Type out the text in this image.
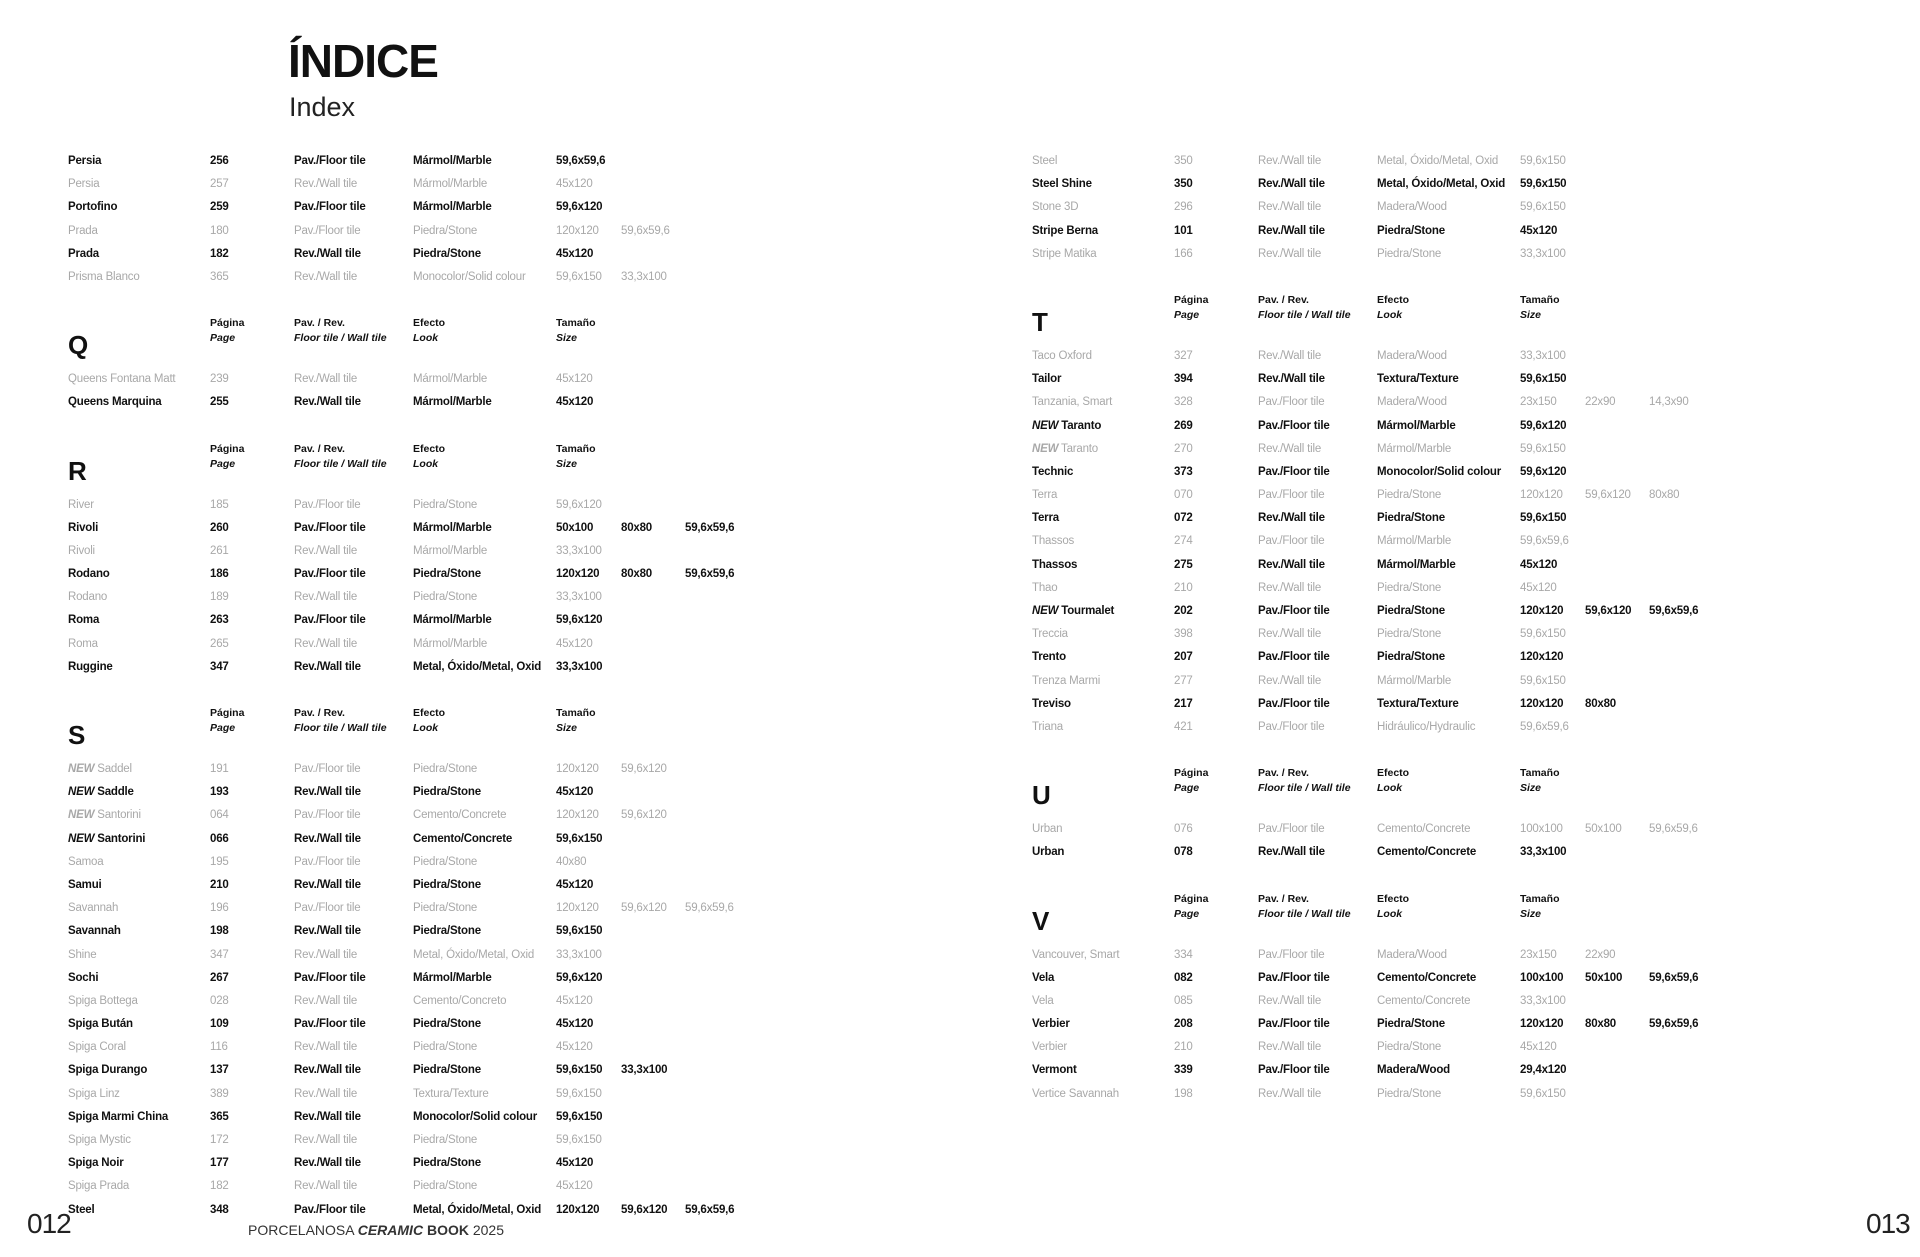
ÍNDICE
Index
Persia	256	Pav./Floor tile	Mármol/Marble	59,6x59,6
Persia	257	Rev./Wall tile	Mármol/Marble	45x120
Portofino	259	Pav./Floor tile	Mármol/Marble	59,6x120
Prada	180	Pav./Floor tile	Piedra/Stone	120x120 59,6x59,6
Prada	182	Rev./Wall tile	Piedra/Stone	45x120
Prisma Blanco	365	Rev./Wall tile	Monocolor/Solid colour	59,6x150 33,3x100
Q
Página
Page
Pav. / Rev.
Floor tile / Wall tile
Efecto
Look
Tamaño
Size
Queens Fontana Matt	239	Rev./Wall tile	Mármol/Marble	45x120
Queens Marquina	255	Rev./Wall tile	Mármol/Marble	45x120
R
Página
Page
Pav. / Rev.
Floor tile / Wall tile
Efecto
Look
Tamaño
Size
River	185	Pav./Floor tile	Piedra/Stone	59,6x120
Rivoli	260	Pav./Floor tile	Mármol/Marble	50x100 80x80	59,6x59,6
Rivoli	261	Rev./Wall tile	Mármol/Marble	33,3x100
Rodano	186	Pav./Floor tile	Piedra/Stone	120x120 80x80	59,6x59,6
Rodano	189	Rev./Wall tile	Piedra/Stone	33,3x100
Roma	263	Pav./Floor tile	Mármol/Marble	59,6x120
Roma	265	Rev./Wall tile	Mármol/Marble	45x120
Ruggine	347	Rev./Wall tile	Metal, Óxido/Metal, Oxid 33,3x100
S
Página
Page
Pav. / Rev.
Floor tile / Wall tile
Efecto
Look
Tamaño
Size
NEW Saddel	191	Pav./Floor tile	Piedra/Stone	120x120 59,6x120
NEW Saddle	193	Rev./Wall tile	Piedra/Stone	45x120
NEW Santorini	064	Pav./Floor tile	Cemento/Concrete	120x120 59,6x120
NEW Santorini	066	Rev./Wall tile	Cemento/Concrete	59,6x150
Samoa	195	Pav./Floor tile	Piedra/Stone	40x80
Samui	210	Rev./Wall tile	Piedra/Stone	45x120
Savannah	196	Pav./Floor tile	Piedra/Stone	120x120 59,6x120 59,6x59,6
Savannah	198	Rev./Wall tile	Piedra/Stone	59,6x150
Shine	347	Rev./Wall tile	Metal, Óxido/Metal, Oxid 33,3x100
Sochi	267	Pav./Floor tile	Mármol/Marble	59,6x120
Spiga Bottega	028	Rev./Wall tile	Cemento/Concreto	45x120
Spiga Bután	109	Pav./Floor tile	Piedra/Stone	45x120
Spiga Coral	116	Rev./Wall tile	Piedra/Stone	45x120
Spiga Durango	137	Rev./Wall tile	Piedra/Stone	59,6x150 33,3x100
Spiga Linz	389	Rev./Wall tile	Textura/Texture	59,6x150
Spiga Marmi China	365	Rev./Wall tile	Monocolor/Solid colour 59,6x150
Spiga Mystic	172	Rev./Wall tile	Piedra/Stone	59,6x150
Spiga Noir	177	Rev./Wall tile	Piedra/Stone	45x120
Spiga Prada	182	Rev./Wall tile	Piedra/Stone	45x120
Steel	348	Pav./Floor tile	Metal, Óxido/Metal, Oxid 120x120 59,6x120 59,6x59,6
Steel	350	Rev./Wall tile	Metal, Óxido/Metal, Oxid 59,6x150
Steel Shine	350	Rev./Wall tile	Metal, Óxido/Metal, Oxid 59,6x150
Stone 3D	296	Rev./Wall tile	Madera/Wood	59,6x150
Stripe Berna	101	Rev./Wall tile	Piedra/Stone	45x120
Stripe Matika	166	Rev./Wall tile	Piedra/Stone	33,3x100
T
Página
Page
Pav. / Rev.
Floor tile / Wall tile
Efecto
Look
Tamaño
Size
Taco Oxford	327	Rev./Wall tile	Madera/Wood	33,3x100
Tailor	394	Rev./Wall tile	Textura/Texture	59,6x150
Tanzania, Smart	328	Pav./Floor tile	Madera/Wood	23x150 22x90	14,3x90
NEW Taranto	269	Pav./Floor tile	Mármol/Marble	59,6x120
NEW Taranto	270	Rev./Wall tile	Mármol/Marble	59,6x150
Technic	373	Pav./Floor tile	Monocolor/Solid colour 59,6x120
Terra	070	Pav./Floor tile	Piedra/Stone	120x120 59,6x120 80x80
Terra	072	Rev./Wall tile	Piedra/Stone	59,6x150
Thassos	274	Pav./Floor tile	Mármol/Marble	59,6x59,6
Thassos	275	Rev./Wall tile	Mármol/Marble	45x120
Thao	210	Rev./Wall tile	Piedra/Stone	45x120
NEW Tourmalet	202	Pav./Floor tile	Piedra/Stone	120x120 59,6x120 59,6x59,6
Treccia	398	Rev./Wall tile	Piedra/Stone	59,6x150
Trento	207	Pav./Floor tile	Piedra/Stone	120x120
Trenza Marmi	277	Rev./Wall tile	Mármol/Marble	59,6x150
Treviso	217	Pav./Floor tile	Textura/Texture	120x120 80x80
Triana	421	Pav./Floor tile	Hidráulico/Hydraulic	59,6x59,6
U
Página
Page
Pav. / Rev.
Floor tile / Wall tile
Efecto
Look
Tamaño
Size
Urban	076	Pav./Floor tile	Cemento/Concrete	100x100 50x100 59,6x59,6
Urban	078	Rev./Wall tile	Cemento/Concrete	33,3x100
V
Página
Page
Pav. / Rev.
Floor tile / Wall tile
Efecto
Look
Tamaño
Size
Vancouver, Smart	334	Pav./Floor tile	Madera/Wood	23x150 22x90
Vela	082	Pav./Floor tile	Cemento/Concrete	100x100 50x100 59,6x59,6
Vela	085	Rev./Wall tile	Cemento/Concrete	33,3x100
Verbier	208	Pav./Floor tile	Piedra/Stone	120x120 80x80	59,6x59,6
Verbier	210	Rev./Wall tile	Piedra/Stone	45x120
Vermont	339	Pav./Floor tile	Madera/Wood	29,4x120
Vertice Savannah	198	Rev./Wall tile	Piedra/Stone	59,6x150
012	PORCELANOSA CERAMIC BOOK 2025	013
